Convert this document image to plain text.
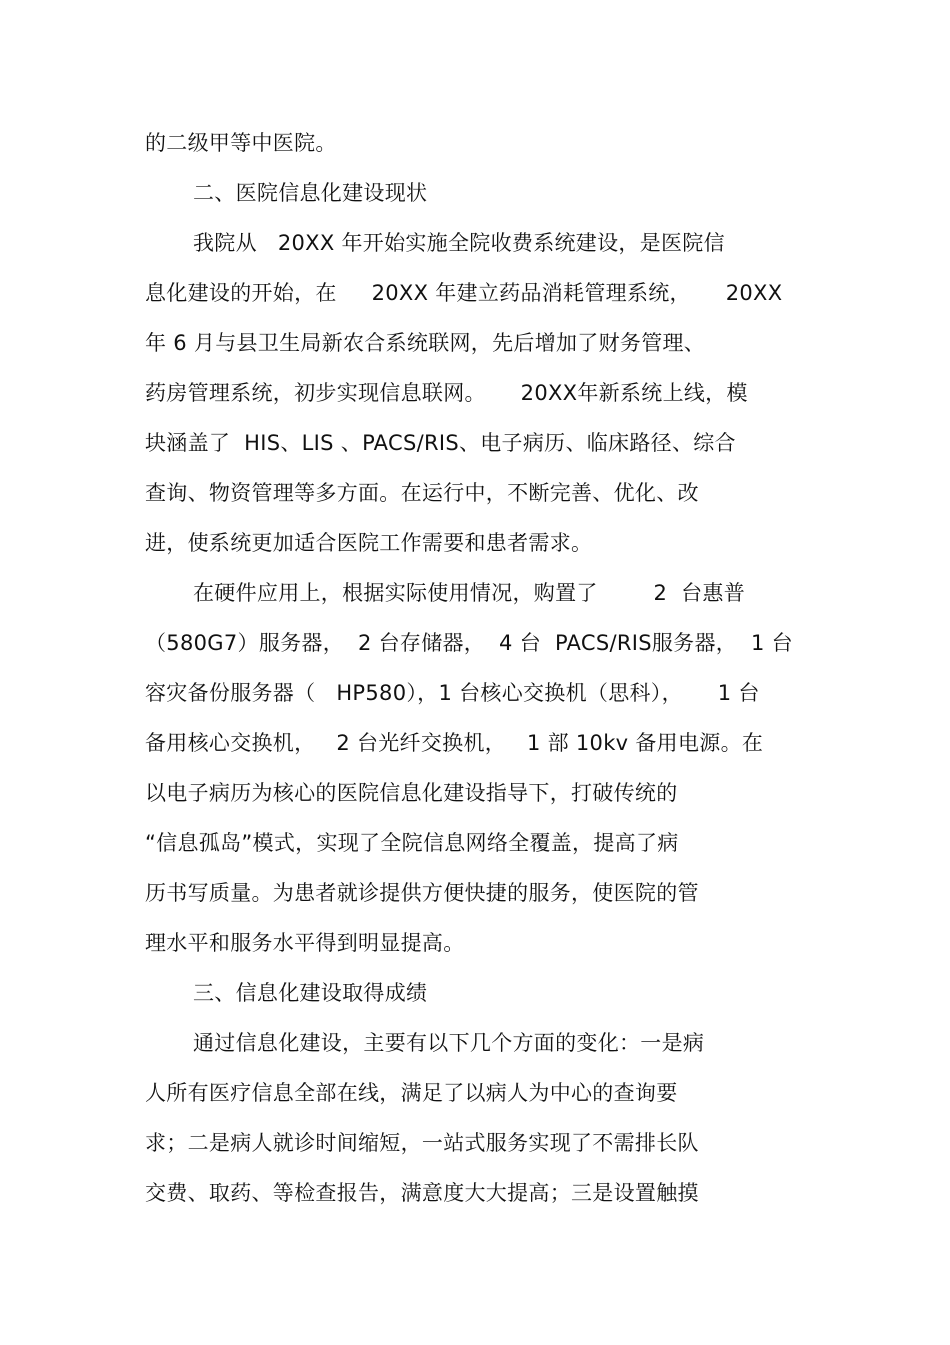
的二级甲等中医院。
二、医院信息化建设现状
我院从   20XX 年开始实施全院收费系统建设，是医院信
息化建设的开始，在     20XX 年建立药品消耗管理系统，     20XX
年 6 月与县卫生局新农合系统联网，先后增加了财务管理、
药房管理系统，初步实现信息联网。     20XX年新系统上线，模
块涵盖了  HIS、LIS 、PACS/RIS、电子病历、临床路径、综合
查询、物资管理等多方面。在运行中，不断完善、优化、改
进，使系统更加适合医院工作需要和患者需求。
在硬件应用上，根据实际使用情况，购置了        2  台惠普
（580G7）服务器，  2 台存储器，  4 台  PACS/RIS服务器，  1 台
容灾备份服务器（   HP580），1 台核心交换机（思科），     1 台
备用核心交换机，   2 台光纤交换机，   1 部 10kv 备用电源。在
以电子病历为核心的医院信息化建设指导下，打破传统的
“信息孤岛”模式，实现了全院信息网络全覆盖，提高了病
历书写质量。为患者就诊提供方便快捷的服务，使医院的管
理水平和服务水平得到明显提高。
三、信息化建设取得成绩
通过信息化建设，主要有以下几个方面的变化：一是病
人所有医疗信息全部在线，满足了以病人为中心的查询要
求；二是病人就诊时间缩短，一站式服务实现了不需排长队
交费、取药、等检查报告，满意度大大提高；三是设置触摸
